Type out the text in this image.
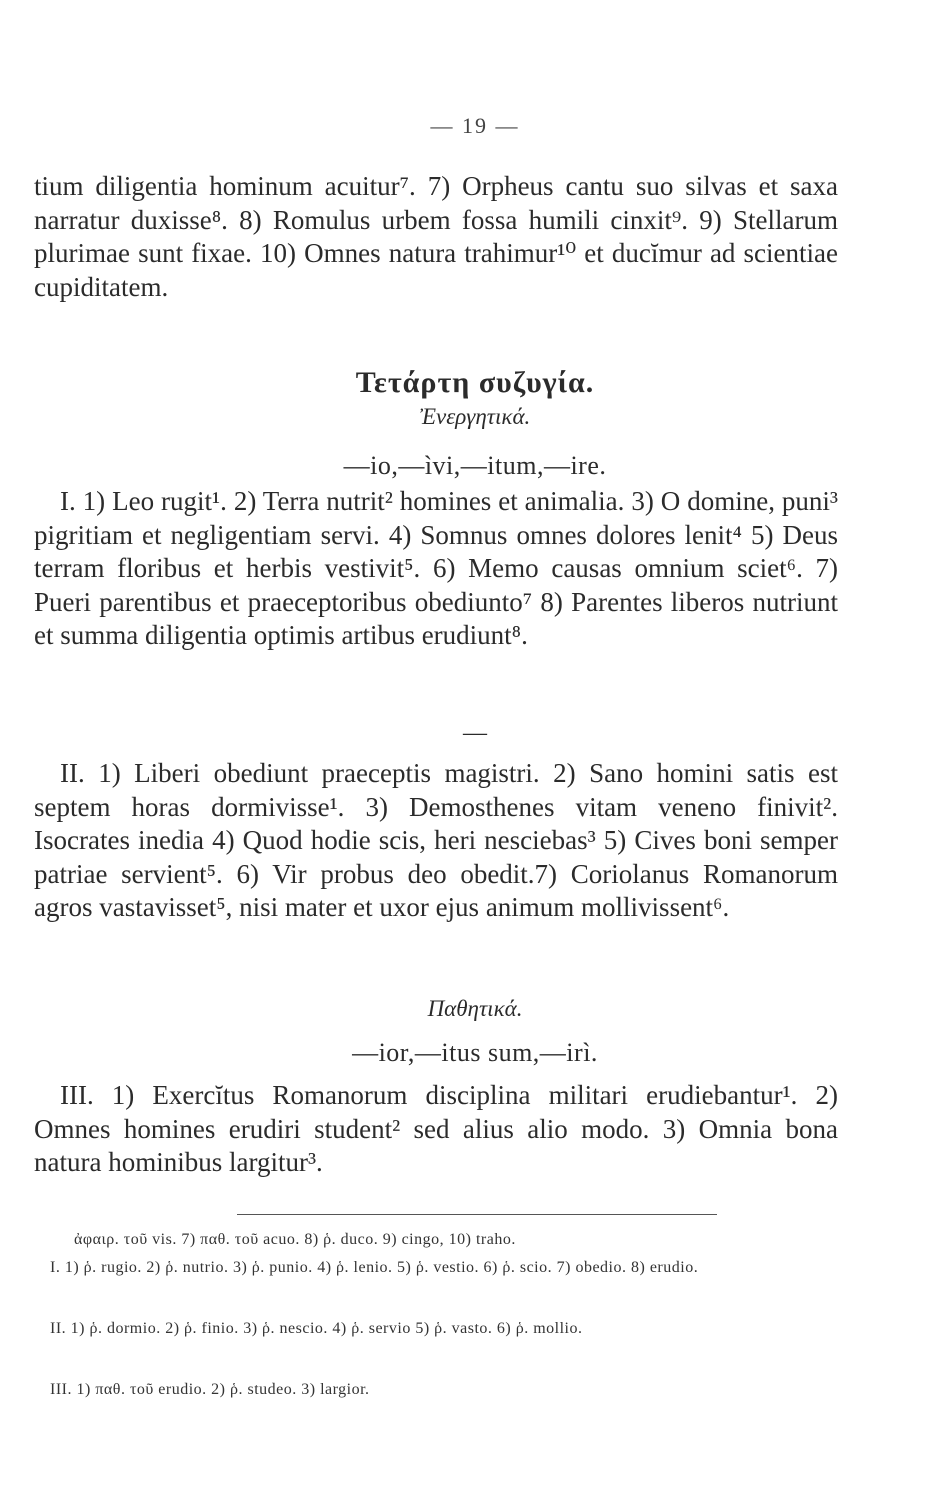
— 19 —

tium diligentia hominum acuitur⁷. 7) Orpheus cantu suo silvas et saxa narratur duxisse⁸. 8) Romulus urbem fossa humili cinxit⁹. 9) Stellarum plurimae sunt fixae. 10) Omnes natura trahimur¹⁰ et ducĭmur ad scientiae cupiditatem.

Τετάρτη συζυγία.
Ἐνεργητικά.
—io,—ìvi,—itum,—ire.

I. 1) Leo rugit¹. 2) Terra nutrit² homines et animalia. 3) O domine, puni³ pigritiam et negligentiam servi. 4) Somnus omnes dolores lenit⁴ 5) Deus terram floribus et herbis vestivit⁵. 6) Memo causas omnium sciet⁶. 7) Pueri parentibus et praeceptoribus obediunto⁷ 8) Parentes liberos nutriunt et summa diligentia optimis artibus erudiunt⁸.

—

II. 1) Liberi obediunt praeceptis magistri. 2) Sano homini satis est septem horas dormivisse¹. 3) Demosthenes vitam veneno finivit². Isocrates inedia 4) Quod hodie scis, heri nesciebas³ 5) Cives boni semper patriae servient⁵. 6) Vir probus deo obedit.7) Coriolanus Romanorum agros vastavisset⁵, nisi mater et uxor ejus animum mollivissent⁶.

Παθητικά.
—ior,—itus sum,—irì.

III. 1) Exercĭtus Romanorum disciplina militari erudiebantur¹. 2) Omnes homines erudiri student² sed alius alio modo. 3) Omnia bona natura hominibus largitur³.

ἀφαιρ. τοῦ vis. 7) παθ. τοῦ acuo. 8) ῥ. duco. 9) cingo, 10) traho.

I. 1) ῥ. rugio. 2) ῥ. nutrio. 3) ῥ. punio. 4) ῥ. lenio. 5) ῥ. vestio. 6) ῥ. scio. 7) obedio. 8) erudio.

II. 1) ῥ. dormio. 2) ῥ. finio. 3) ῥ. nescio. 4) ῥ. servio 5) ῥ. vasto. 6) ῥ. mollio.

III. 1) παθ. τοῦ erudio. 2) ῥ. studeo. 3) largior.
